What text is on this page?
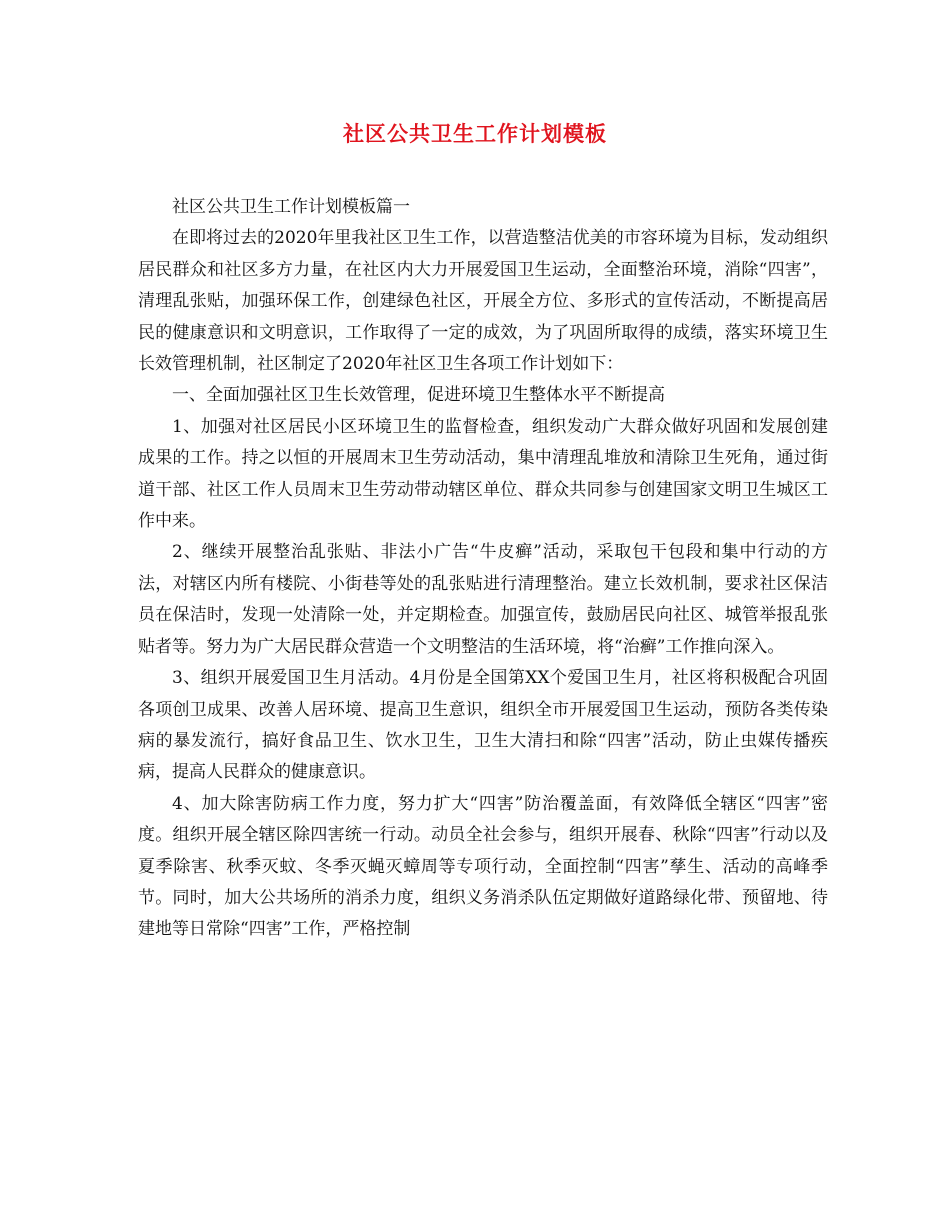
社区公共卫生工作计划模板

社区公共卫生工作计划模板篇一

在即将过去的2020年里我社区卫生工作，以营造整洁优美的市容环境为目标，发动组织居民群众和社区多方力量，在社区内大力开展爱国卫生运动，全面整治环境，消除“四害”，清理乱张贴，加强环保工作，创建绿色社区，开展全方位、多形式的宣传活动，不断提高居民的健康意识和文明意识，工作取得了一定的成效，为了巩固所取得的成绩，落实环境卫生长效管理机制，社区制定了2020年社区卫生各项工作计划如下：

一、全面加强社区卫生长效管理，促进环境卫生整体水平不断提高

1、加强对社区居民小区环境卫生的监督检查，组织发动广大群众做好巩固和发展创建成果的工作。持之以恒的开展周末卫生劳动活动，集中清理乱堆放和清除卫生死角，通过街道干部、社区工作人员周末卫生劳动带动辖区单位、群众共同参与创建国家文明卫生城区工作中来。

2、继续开展整治乱张贴、非法小广告“牛皮癣”活动，采取包干包段和集中行动的方法，对辖区内所有楼院、小街巷等处的乱张贴进行清理整治。建立长效机制，要求社区保洁员在保洁时，发现一处清除一处，并定期检查。加强宣传，鼓励居民向社区、城管举报乱张贴者等。努力为广大居民群众营造一个文明整洁的生活环境，将“治癣”工作推向深入。

3、组织开展爱国卫生月活动。4月份是全国第XX个爱国卫生月，社区将积极配合巩固各项创卫成果、改善人居环境、提高卫生意识，组织全市开展爱国卫生运动，预防各类传染病的暴发流行，搞好食品卫生、饮水卫生，卫生大清扫和除“四害”活动，防止虫媒传播疾病，提高人民群众的健康意识。

4、加大除害防病工作力度，努力扩大“四害”防治覆盖面，有效降低全辖区“四害”密度。组织开展全辖区除四害统一行动。动员全社会参与，组织开展春、秋除“四害”行动以及夏季除害、秋季灭蚊、冬季灭蝇灭蟑周等专项行动，全面控制“四害”孳生、活动的高峰季节。同时，加大公共场所的消杀力度，组织义务消杀队伍定期做好道路绿化带、预留地、待建地等日常除“四害”工作，严格控制
